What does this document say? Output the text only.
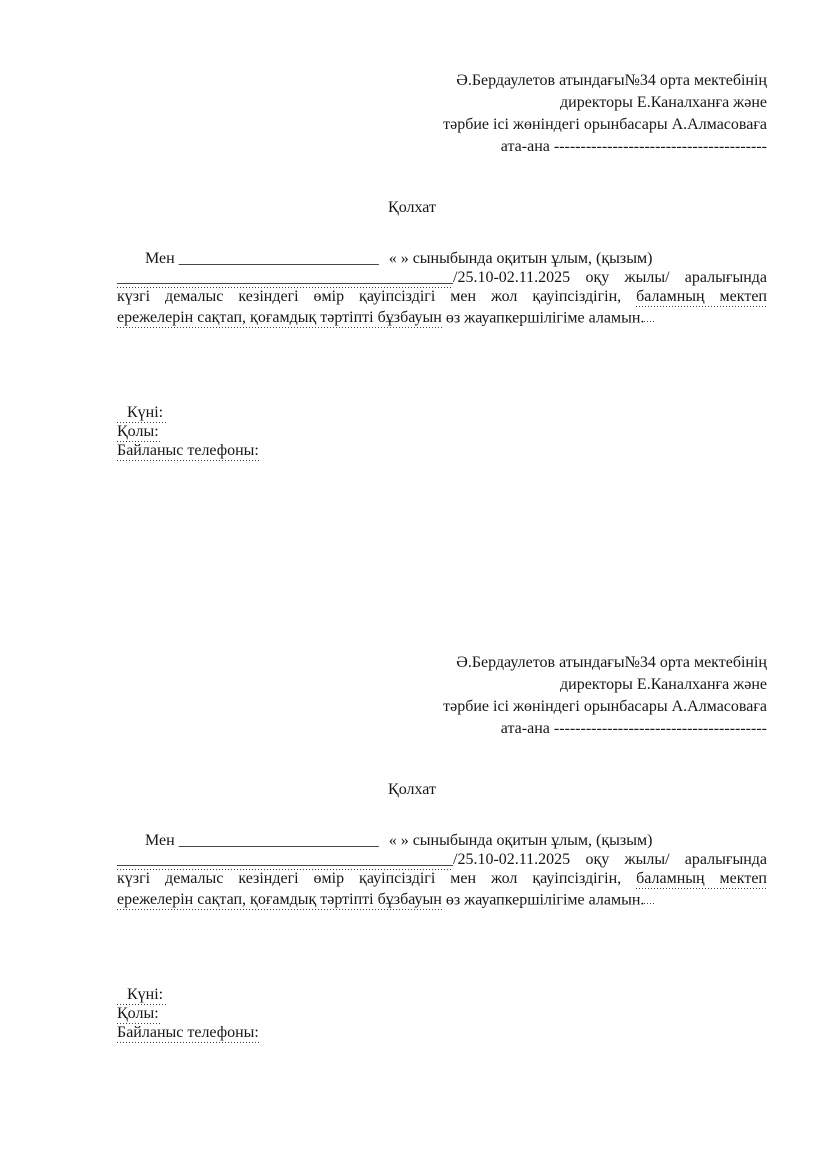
Ә.Бердаулетов атындағы№34 орта мектебінің
директоры Е.Каналханға және
тәрбие ісі жөніндегі орынбасары А.Алмасоваға
ата-ана ----------------------------------------
Қолхат
Мен _________________________ « » сыныбында оқитын ұлым, (қызым)
__________________________________________/25.10-02.11.2025 оқу жылы/ аралығында
күзгі демалыс кезіндегі өмір қауіпсіздігі мен жол қауіпсіздігін, баламның мектеп
ережелерін сақтап, қоғамдық тәртіпті бұзбауын өз жауапкершілігіме аламын.
Күні:
Қолы:
Байланыс телефоны:
Ә.Бердаулетов атындағы№34 орта мектебінің
директоры Е.Каналханға және
тәрбие ісі жөніндегі орынбасары А.Алмасоваға
ата-ана ----------------------------------------
Қолхат
Мен _________________________ « » сыныбында оқитын ұлым, (қызым)
__________________________________________/25.10-02.11.2025 оқу жылы/ аралығында
күзгі демалыс кезіндегі өмір қауіпсіздігі мен жол қауіпсіздігін, баламның мектеп
ережелерін сақтап, қоғамдық тәртіпті бұзбауын өз жауапкершілігіме аламын.
Күні:
Қолы:
Байланыс телефоны:
